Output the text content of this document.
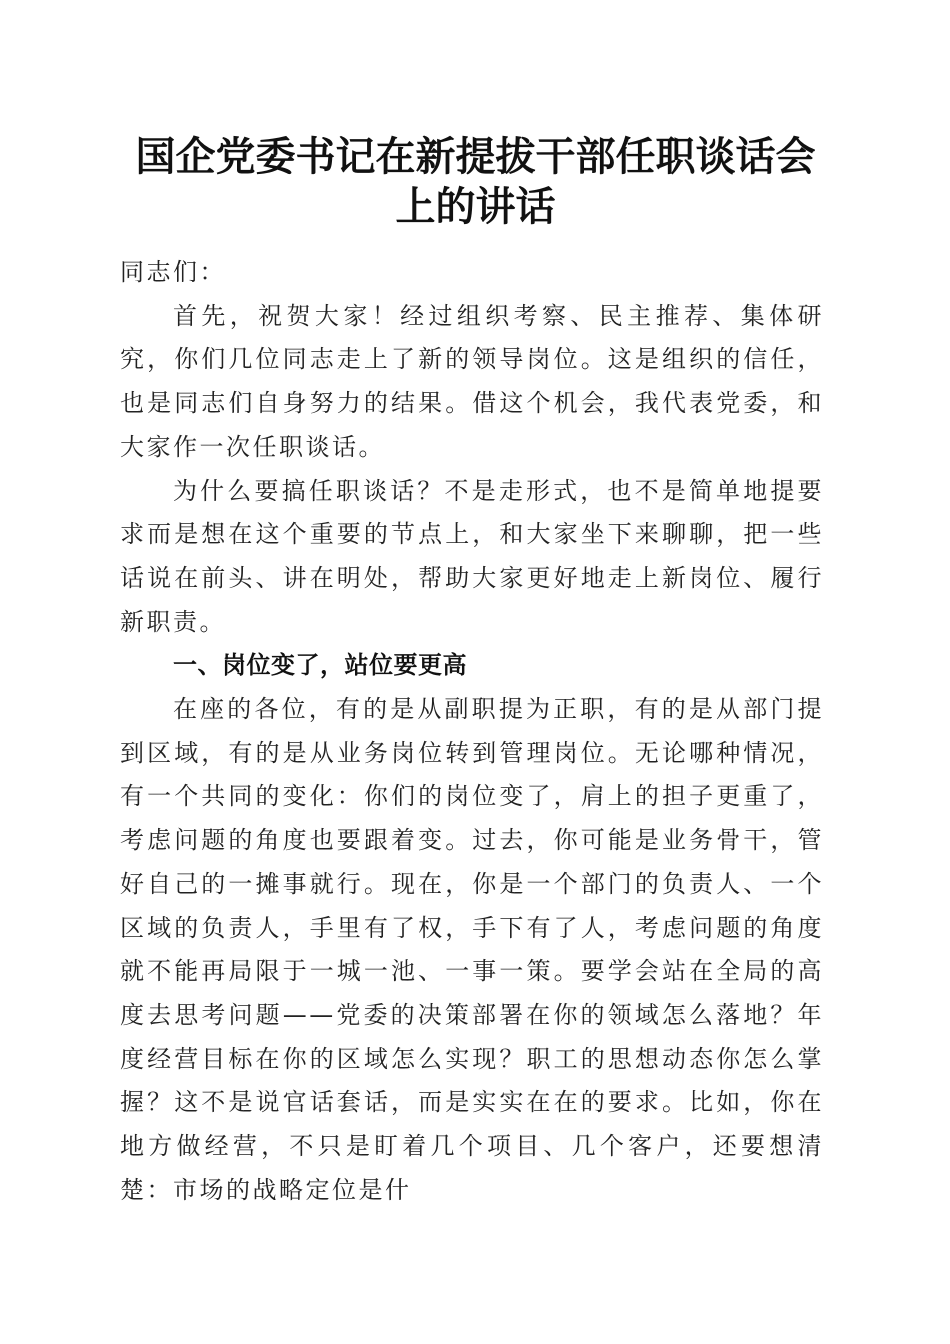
国企党委书记在新提拔干部任职谈话会上的讲话

同志们：

首先，祝贺大家！经过组织考察、民主推荐、集体研究，你们几位同志走上了新的领导岗位。这是组织的信任，也是同志们自身努力的结果。借这个机会，我代表党委，和大家作一次任职谈话。

为什么要搞任职谈话？不是走形式，也不是简单地提要求而是想在这个重要的节点上，和大家坐下来聊聊，把一些话说在前头、讲在明处，帮助大家更好地走上新岗位、履行新职责。

一、岗位变了，站位要更高

在座的各位，有的是从副职提为正职，有的是从部门提到区域，有的是从业务岗位转到管理岗位。无论哪种情况，有一个共同的变化：你们的岗位变了，肩上的担子更重了，考虑问题的角度也要跟着变。过去，你可能是业务骨干，管好自己的一摊事就行。现在，你是一个部门的负责人、一个区域的负责人，手里有了权，手下有了人，考虑问题的角度就不能再局限于一城一池、一事一策。要学会站在全局的高度去思考问题——党委的决策部署在你的领域怎么落地？年度经营目标在你的区域怎么实现？职工的思想动态你怎么掌握？这不是说官话套话，而是实实在在的要求。比如，你在地方做经营，不只是盯着几个项目、几个客户，还要想清楚：市场的战略定位是什
